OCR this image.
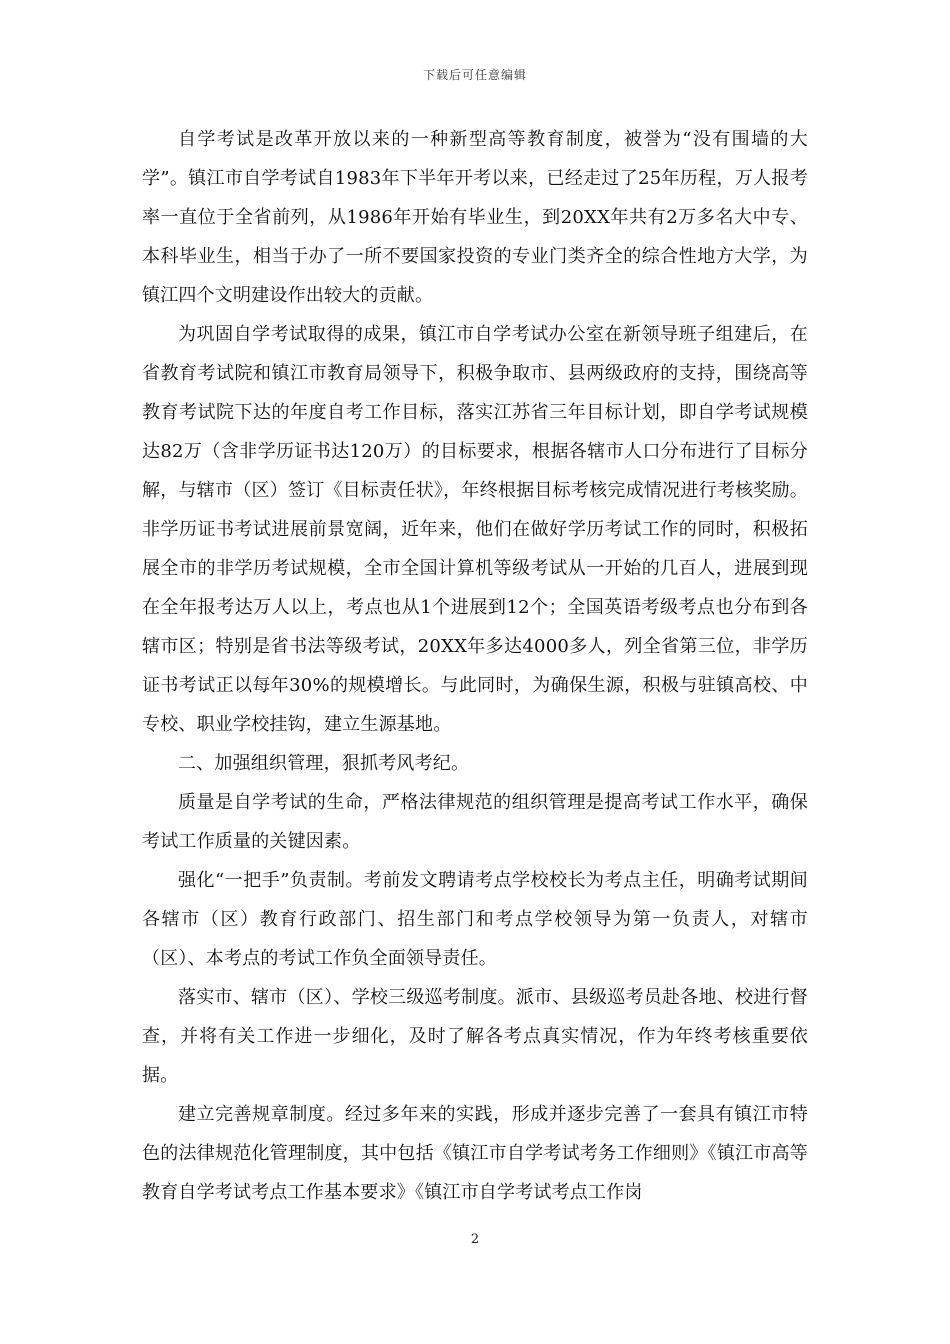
下载后可任意编辑

自学考试是改革开放以来的一种新型高等教育制度，被誉为“没有围墙的大学”。镇江市自学考试自1983年下半年开考以来，已经走过了25年历程，万人报考率一直位于全省前列，从1986年开始有毕业生，到20XX年共有2万多名大中专、本科毕业生，相当于办了一所不要国家投资的专业门类齐全的综合性地方大学，为镇江四个文明建设作出较大的贡献。

为巩固自学考试取得的成果，镇江市自学考试办公室在新领导班子组建后，在省教育考试院和镇江市教育局领导下，积极争取市、县两级政府的支持，围绕高等教育考试院下达的年度自考工作目标，落实江苏省三年目标计划，即自学考试规模达82万（含非学历证书达120万）的目标要求，根据各辖市人口分布进行了目标分解，与辖市（区）签订《目标责任状》，年终根据目标考核完成情况进行考核奖励。非学历证书考试进展前景宽阔，近年来，他们在做好学历考试工作的同时，积极拓展全市的非学历考试规模，全市全国计算机等级考试从一开始的几百人，进展到现在全年报考达万人以上，考点也从1个进展到12个；全国英语考级考点也分布到各辖市区；特别是省书法等级考试，20XX年多达4000多人，列全省第三位，非学历证书考试正以每年30%的规模增长。与此同时，为确保生源，积极与驻镇高校、中专校、职业学校挂钩，建立生源基地。

二、加强组织管理，狠抓考风考纪。

质量是自学考试的生命，严格法律规范的组织管理是提高考试工作水平，确保考试工作质量的关键因素。

强化“一把手”负责制。考前发文聘请考点学校校长为考点主任，明确考试期间各辖市（区）教育行政部门、招生部门和考点学校领导为第一负责人，对辖市（区）、本考点的考试工作负全面领导责任。

落实市、辖市（区）、学校三级巡考制度。派市、县级巡考员赴各地、校进行督查，并将有关工作进一步细化，及时了解各考点真实情况，作为年终考核重要依据。

建立完善规章制度。经过多年来的实践，形成并逐步完善了一套具有镇江市特色的法律规范化管理制度，其中包括《镇江市自学考试考务工作细则》《镇江市高等教育自学考试考点工作基本要求》《镇江市自学考试考点工作岗

2
